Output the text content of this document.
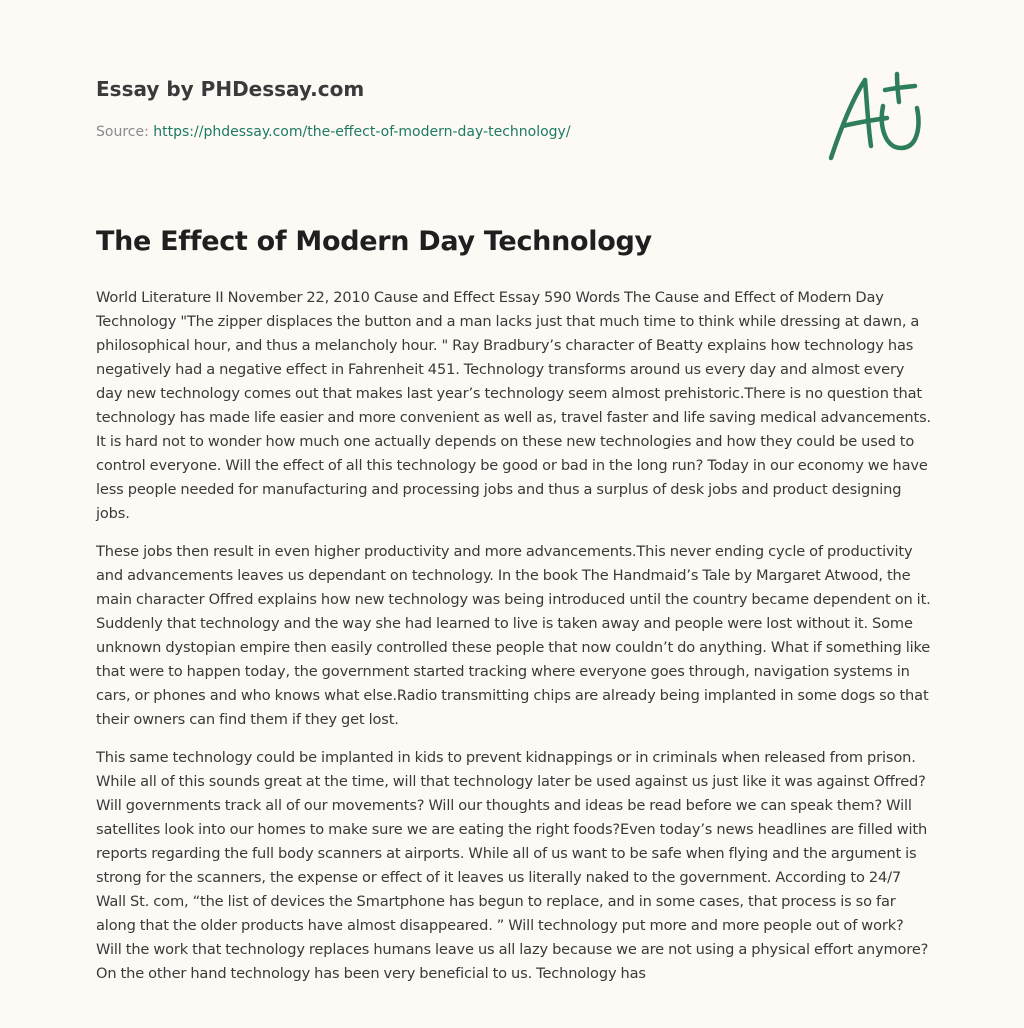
Essay by PHDessay.com
Source: https://phdessay.com/the-effect-of-modern-day-technology/
The Effect of Modern Day Technology

World Literature II November 22, 2010 Cause and Effect Essay 590 Words The Cause and Effect of Modern Day Technology "The zipper displaces the button and a man lacks just that much time to think while dressing at dawn, a philosophical hour, and thus a melancholy hour. " Ray Bradbury’s character of Beatty explains how technology has negatively had a negative effect in Fahrenheit 451. Technology transforms around us every day and almost every day new technology comes out that makes last year’s technology seem almost prehistoric.There is no question that technology has made life easier and more convenient as well as, travel faster and life saving medical advancements. It is hard not to wonder how much one actually depends on these new technologies and how they could be used to control everyone. Will the effect of all this technology be good or bad in the long run? Today in our economy we have less people needed for manufacturing and processing jobs and thus a surplus of desk jobs and product designing jobs.

These jobs then result in even higher productivity and more advancements.This never ending cycle of productivity and advancements leaves us dependant on technology. In the book The Handmaid’s Tale by Margaret Atwood, the main character Offred explains how new technology was being introduced until the country became dependent on it. Suddenly that technology and the way she had learned to live is taken away and people were lost without it. Some unknown dystopian empire then easily controlled these people that now couldn’t do anything. What if something like that were to happen today, the government started tracking where everyone goes through, navigation systems in cars, or phones and who knows what else.Radio transmitting chips are already being implanted in some dogs so that their owners can find them if they get lost.

This same technology could be implanted in kids to prevent kidnappings or in criminals when released from prison. While all of this sounds great at the time, will that technology later be used against us just like it was against Offred? Will governments track all of our movements? Will our thoughts and ideas be read before we can speak them? Will satellites look into our homes to make sure we are eating the right foods?Even today’s news headlines are filled with reports regarding the full body scanners at airports. While all of us want to be safe when flying and the argument is strong for the scanners, the expense or effect of it leaves us literally naked to the government. According to 24/7 Wall St. com, “the list of devices the Smartphone has begun to replace, and in some cases, that process is so far along that the older products have almost disappeared. ” Will technology put more and more people out of work? Will the work that technology replaces humans leave us all lazy because we are not using a physical effort anymore?On the other hand technology has been very beneficial to us. Technology has
